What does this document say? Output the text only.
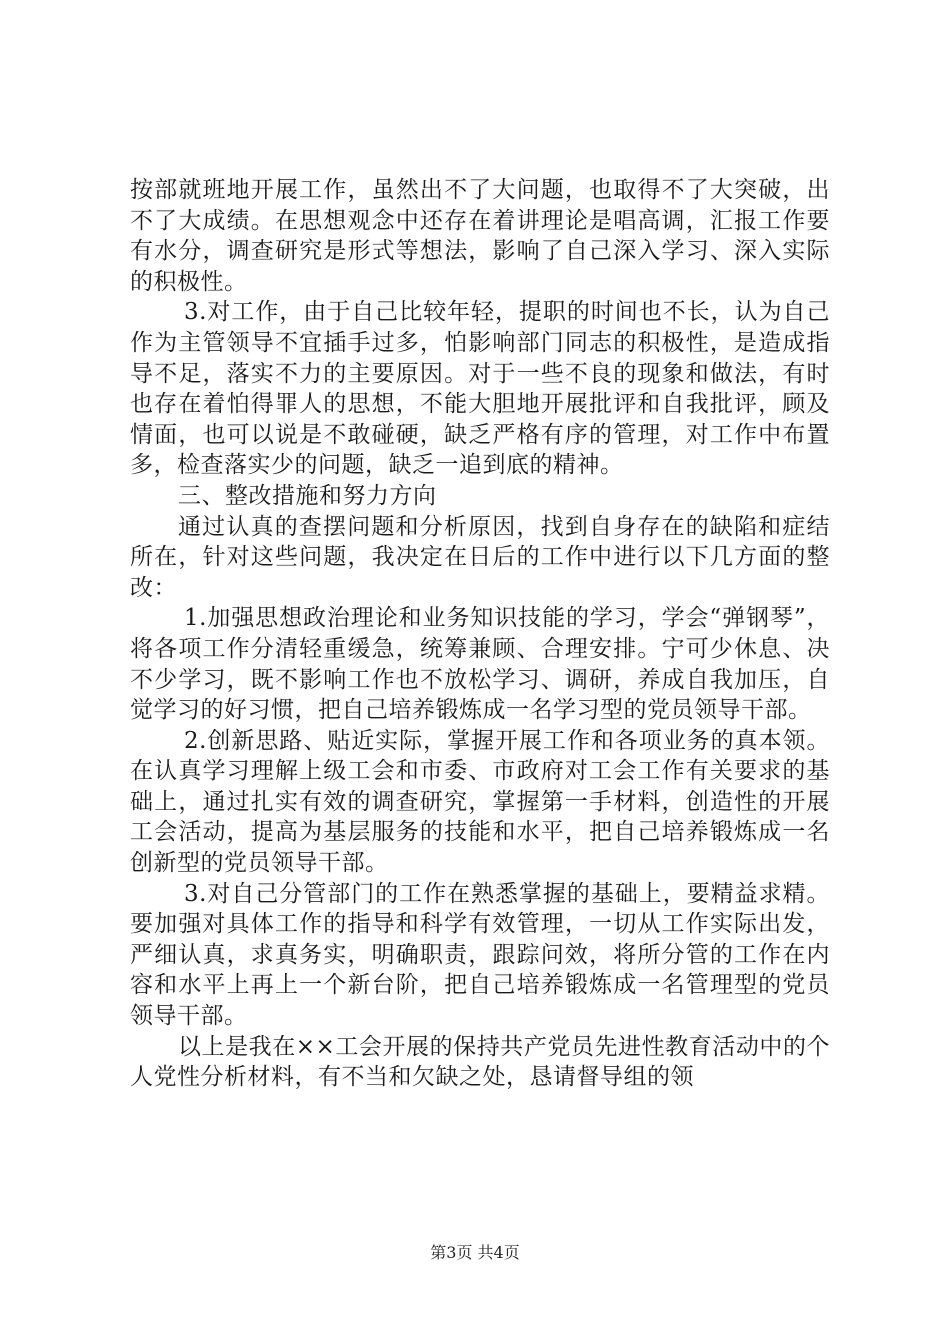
按部就班地开展工作，虽然出不了大问题，也取得不了大突破，出不了大成绩。在思想观念中还存在着讲理论是唱高调，汇报工作要有水分，调查研究是形式等想法，影响了自己深入学习、深入实际的积极性。

3.对工作，由于自己比较年轻，提职的时间也不长，认为自己作为主管领导不宜插手过多，怕影响部门同志的积极性，是造成指导不足，落实不力的主要原因。对于一些不良的现象和做法，有时也存在着怕得罪人的思想，不能大胆地开展批评和自我批评，顾及情面，也可以说是不敢碰硬，缺乏严格有序的管理，对工作中布置多，检查落实少的问题，缺乏一追到底的精神。

三、整改措施和努力方向

通过认真的查摆问题和分析原因，找到自身存在的缺陷和症结所在，针对这些问题，我决定在日后的工作中进行以下几方面的整改：

1.加强思想政治理论和业务知识技能的学习，学会“弹钢琴”，将各项工作分清轻重缓急，统筹兼顾、合理安排。宁可少休息、决不少学习，既不影响工作也不放松学习、调研，养成自我加压，自觉学习的好习惯，把自己培养锻炼成一名学习型的党员领导干部。

2.创新思路、贴近实际，掌握开展工作和各项业务的真本领。在认真学习理解上级工会和市委、市政府对工会工作有关要求的基础上，通过扎实有效的调查研究，掌握第一手材料，创造性的开展工会活动，提高为基层服务的技能和水平，把自己培养锻炼成一名创新型的党员领导干部。

3.对自己分管部门的工作在熟悉掌握的基础上，要精益求精。要加强对具体工作的指导和科学有效管理，一切从工作实际出发，严细认真，求真务实，明确职责，跟踪问效，将所分管的工作在内容和水平上再上一个新台阶，把自己培养锻炼成一名管理型的党员领导干部。

以上是我在××工会开展的保持共产党员先进性教育活动中的个人党性分析材料，有不当和欠缺之处，恳请督导组的领

第3页 共4页
